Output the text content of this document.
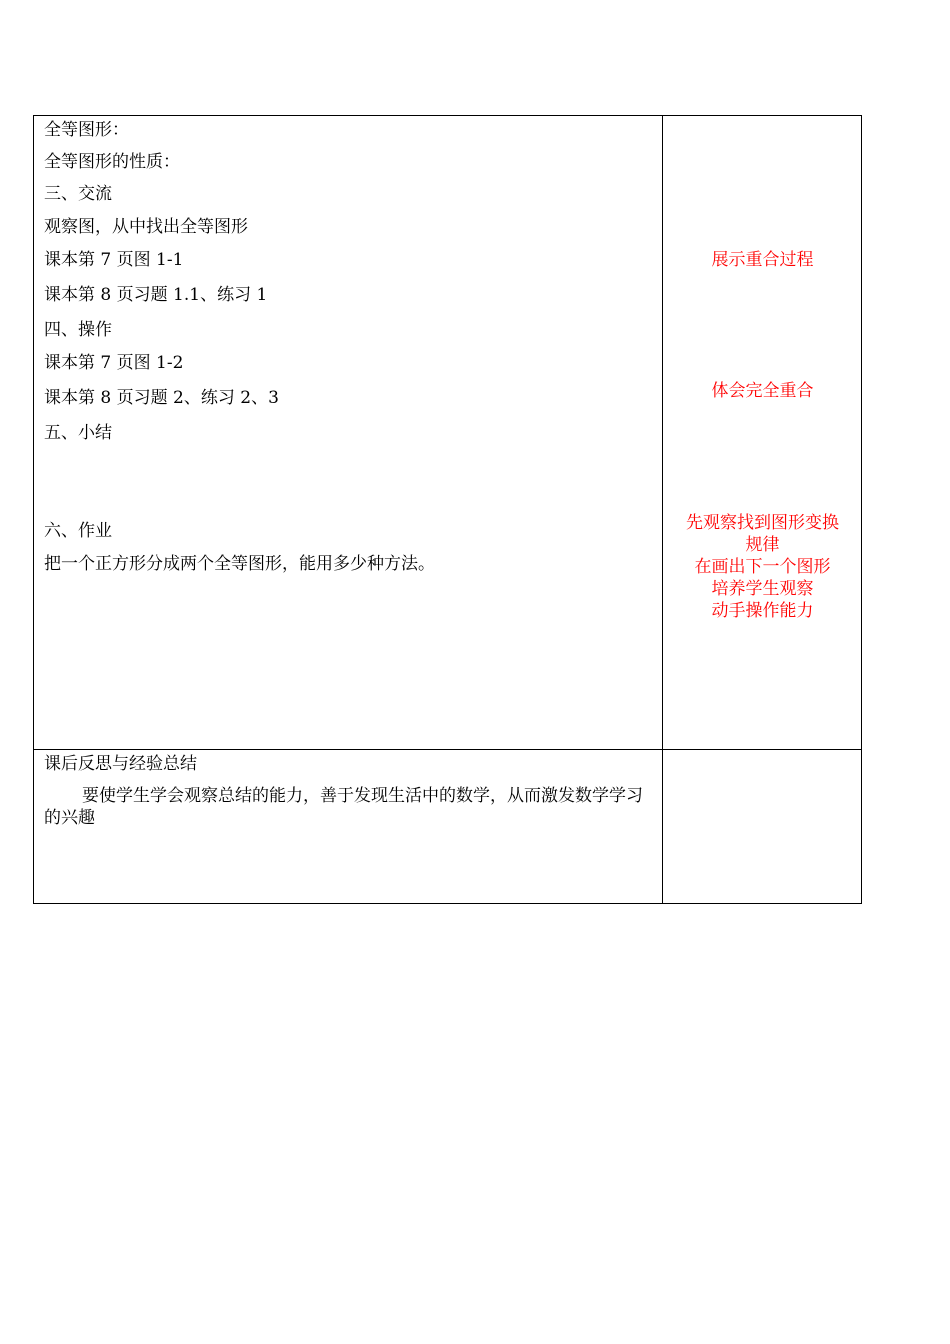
全等图形：
全等图形的性质：
三、交流
观察图，从中找出全等图形
课本第 7 页图 1-1
课本第 8 页习题 1.1、练习 1
四、操作
课本第 7 页图 1-2
课本第 8 页习题 2、练习 2、3
五、小结
六、作业
把一个正方形分成两个全等图形，能用多少种方法。
展示重合过程
体会完全重合
先观察找到图形变换
规律
在画出下一个图形
培养学生观察
动手操作能力
课后反思与经验总结
要使学生学会观察总结的能力，善于发现生活中的数学，从而激发数学学习的兴趣
